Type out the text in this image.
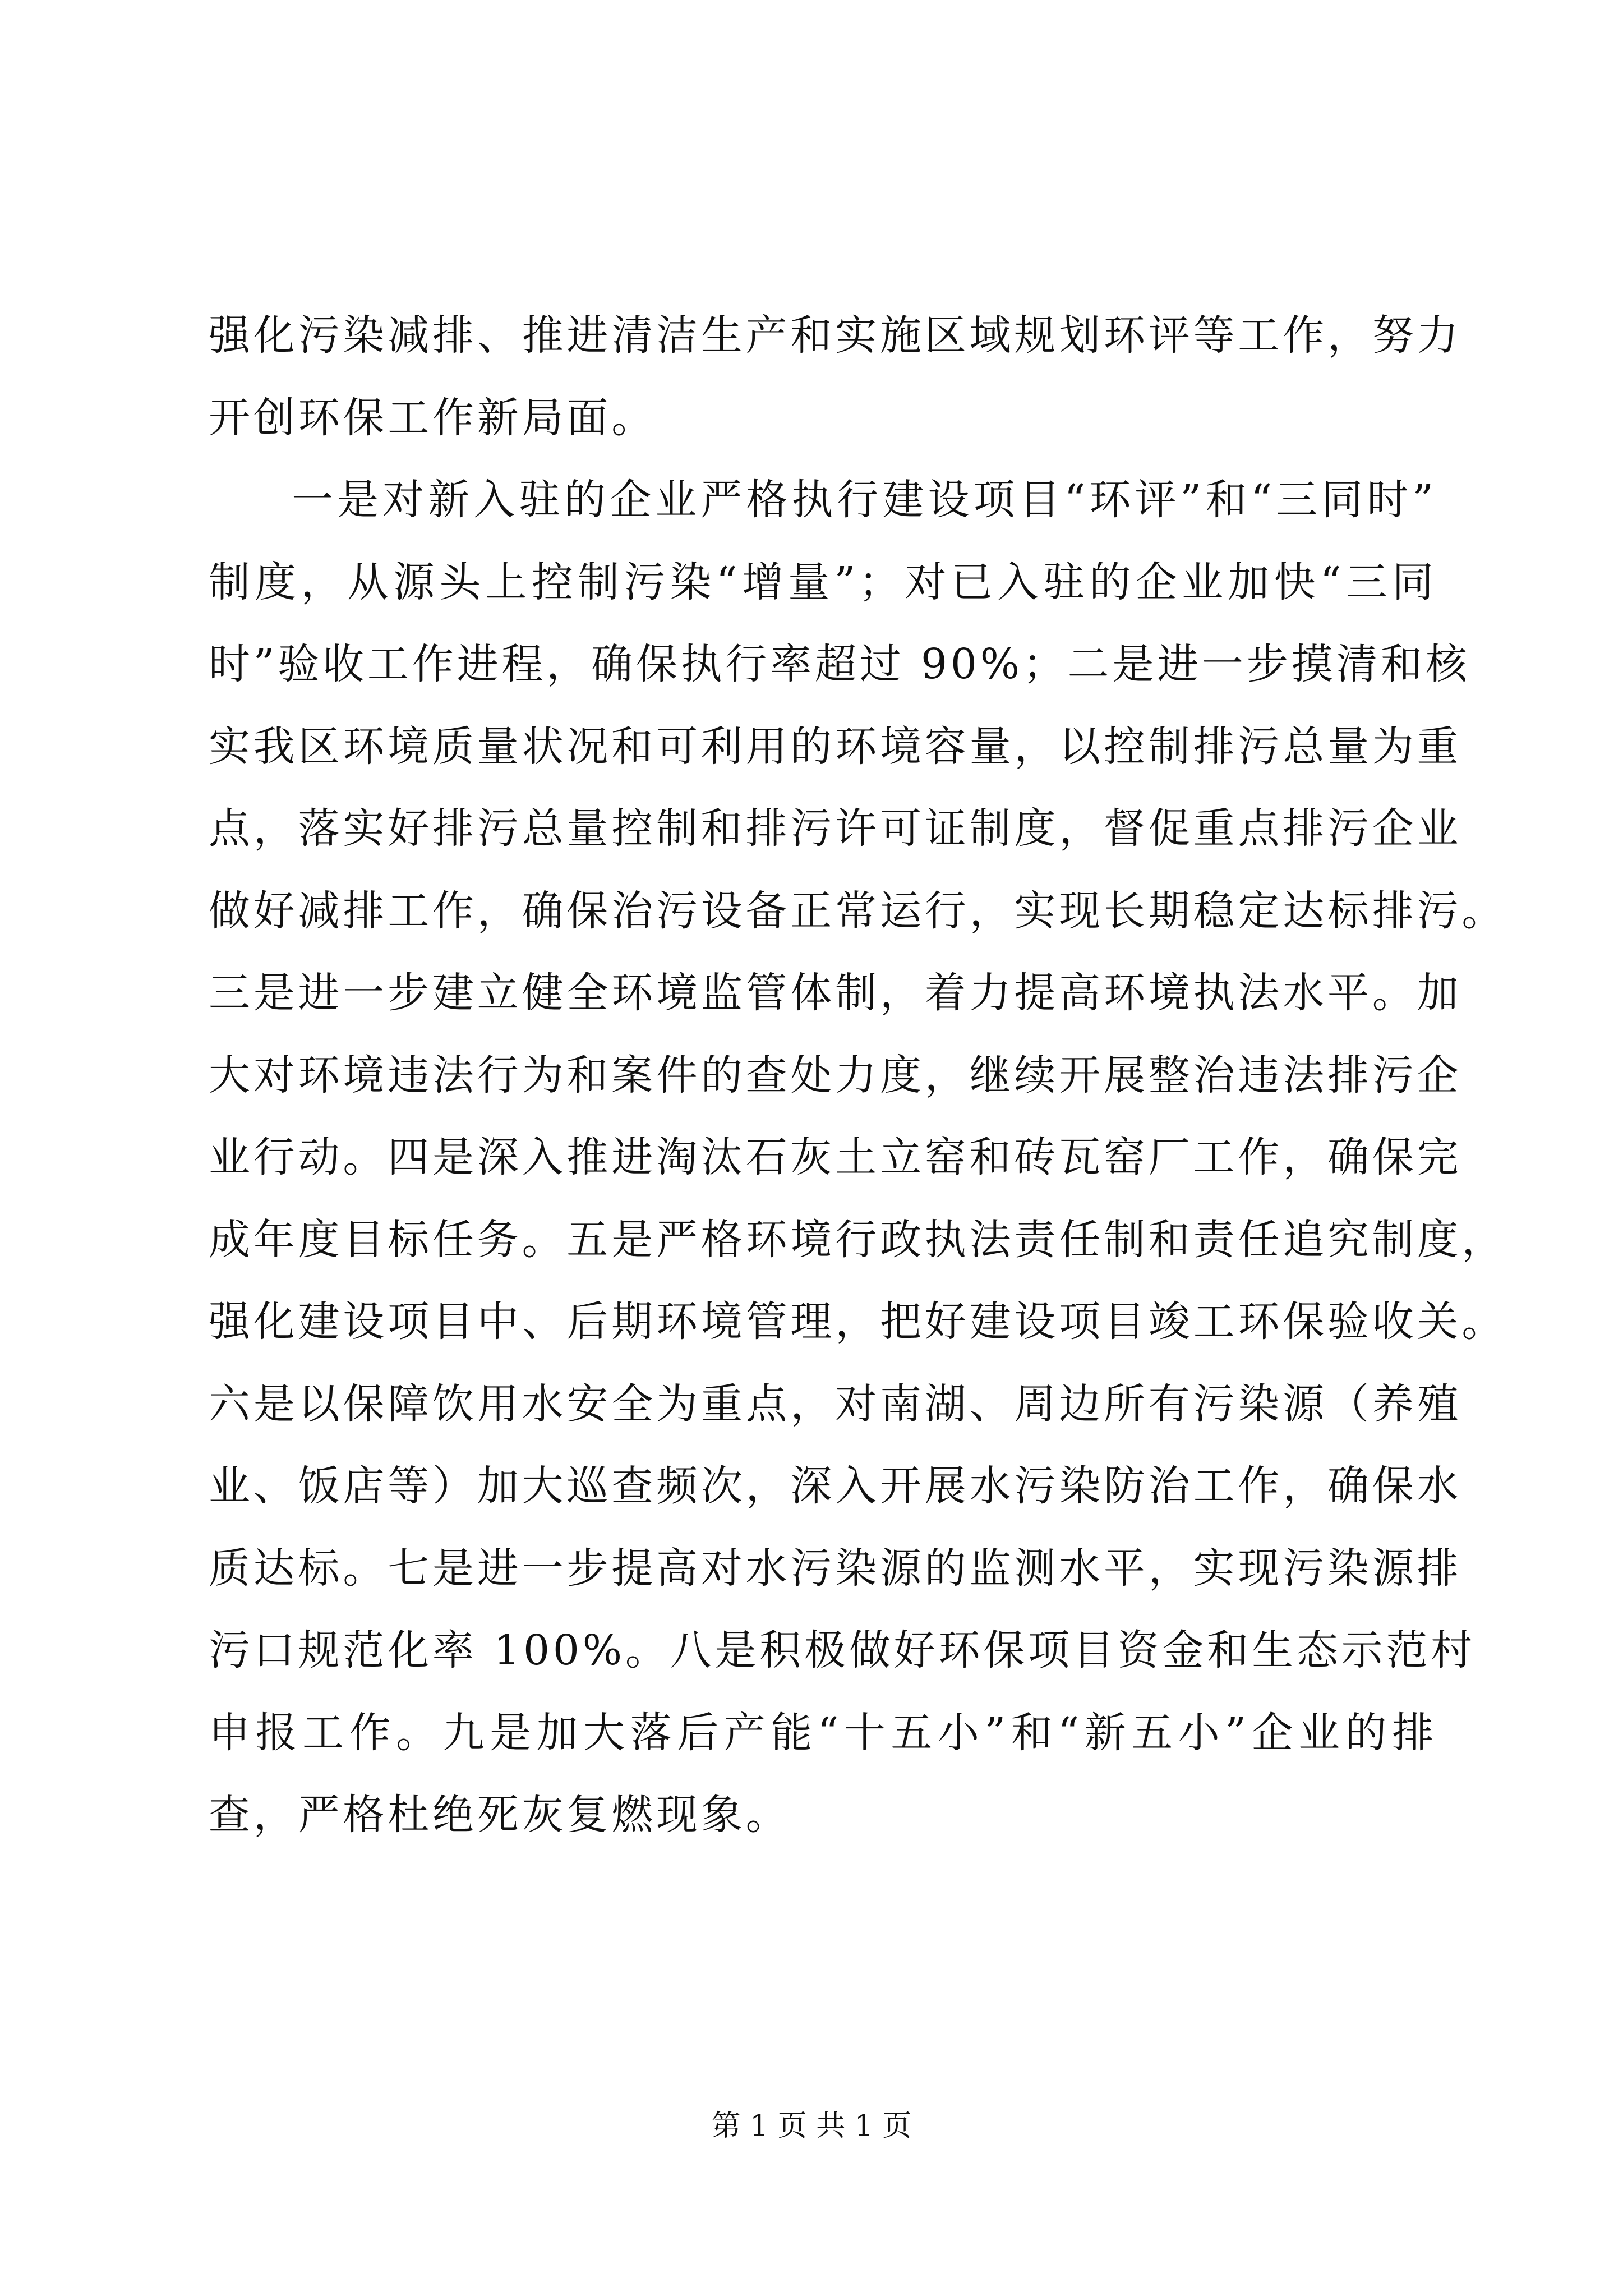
强化污染减排、推进清洁生产和实施区域规划环评等工作，努力
开创环保工作新局面。
一是对新入驻的企业严格执行建设项目“环评”和“三同时”
制度，从源头上控制污染“增量”；对已入驻的企业加快“三同
时”验收工作进程，确保执行率超过 90%；二是进一步摸清和核
实我区环境质量状况和可利用的环境容量，以控制排污总量为重
点，落实好排污总量控制和排污许可证制度，督促重点排污企业
做好减排工作，确保治污设备正常运行，实现长期稳定达标排污。
三是进一步建立健全环境监管体制，着力提高环境执法水平。加
大对环境违法行为和案件的查处力度，继续开展整治违法排污企
业行动。四是深入推进淘汰石灰土立窑和砖瓦窑厂工作，确保完
成年度目标任务。五是严格环境行政执法责任制和责任追究制度，
强化建设项目中、后期环境管理，把好建设项目竣工环保验收关。
六是以保障饮用水安全为重点，对南湖、周边所有污染源（养殖
业、饭店等）加大巡查频次，深入开展水污染防治工作，确保水
质达标。七是进一步提高对水污染源的监测水平，实现污染源排
污口规范化率 100%。八是积极做好环保项目资金和生态示范村
申报工作。九是加大落后产能“十五小”和“新五小”企业的排
查，严格杜绝死灰复燃现象。
第 1 页 共 1 页
